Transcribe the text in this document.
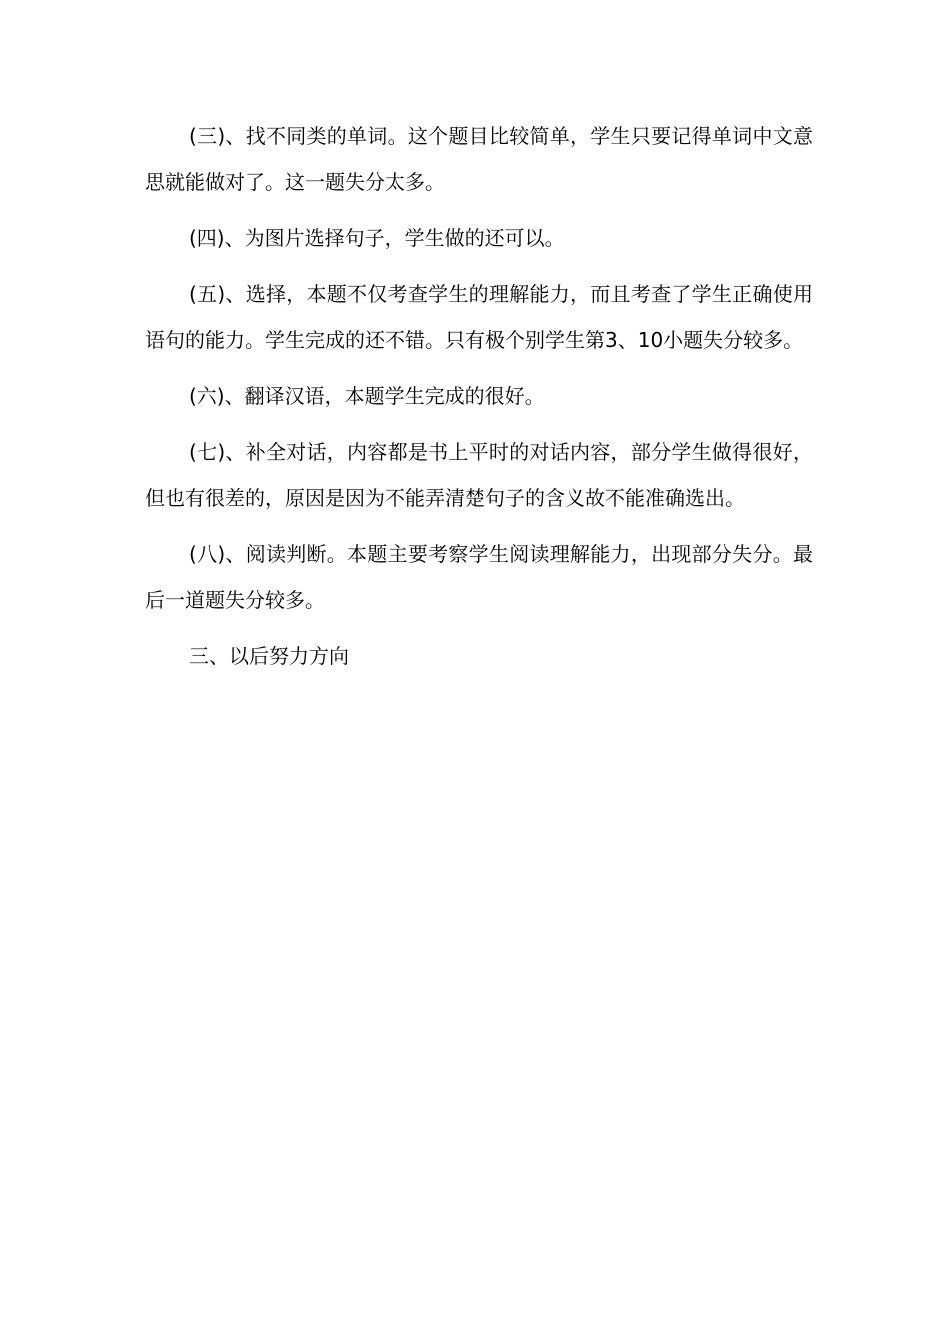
(三)、找不同类的单词。这个题目比较简单，学生只要记得单词中文意思就能做对了。这一题失分太多。

(四)、为图片选择句子，学生做的还可以。

(五)、选择，本题不仅考查学生的理解能力，而且考查了学生正确使用语句的能力。学生完成的还不错。只有极个别学生第3、10小题失分较多。

(六)、翻译汉语，本题学生完成的很好。

(七)、补全对话，内容都是书上平时的对话内容，部分学生做得很好，但也有很差的，原因是因为不能弄清楚句子的含义故不能准确选出。

(八)、阅读判断。本题主要考察学生阅读理解能力，出现部分失分。最后一道题失分较多。

三、以后努力方向
